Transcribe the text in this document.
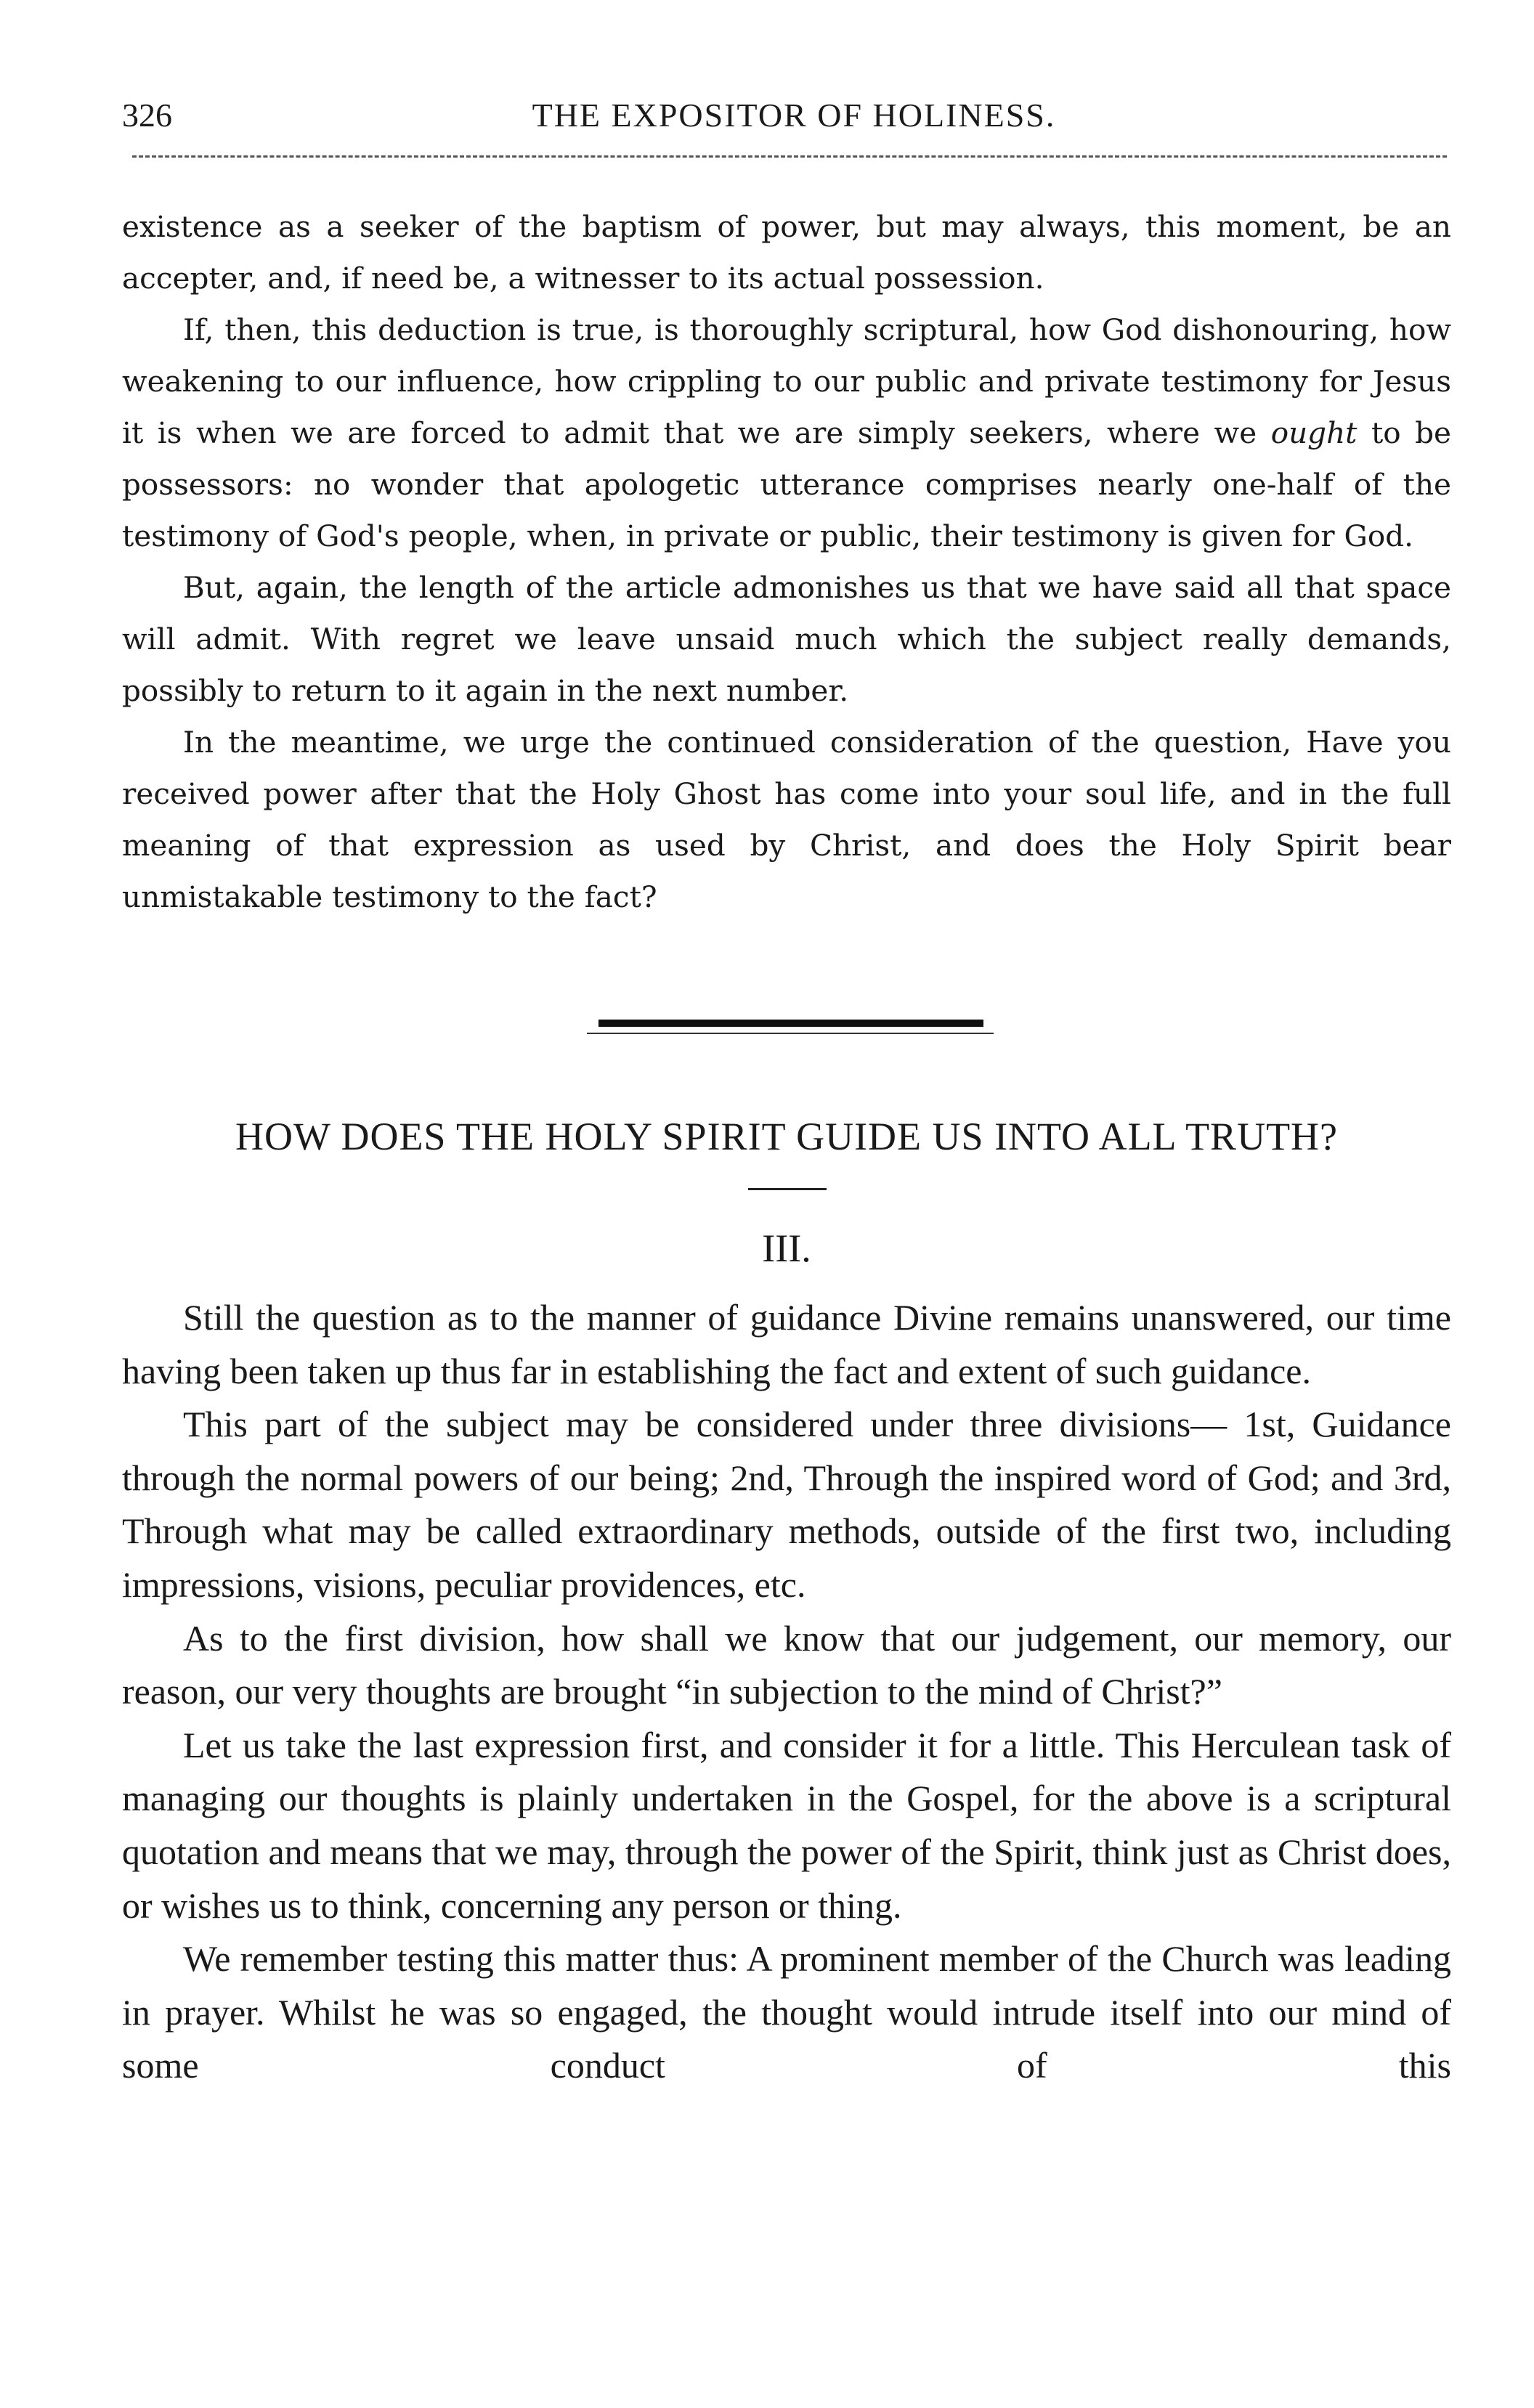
326	THE EXPOSITOR OF HOLINESS.

existence as a seeker of the baptism of power, but may always, this moment, be an accepter, and, if need be, a witnesser to its actual possession.

If, then, this deduction is true, is thoroughly scriptural, how God dishonouring, how weakening to our influence, how crippling to our public and private testimony for Jesus it is when we are forced to admit that we are simply seekers, where we ought to be possessors: no wonder that apologetic utterance comprises nearly one-half of the testimony of God's people, when, in private or public, their testimony is given for God.

But, again, the length of the article admonishes us that we have said all that space will admit. With regret we leave unsaid much which the subject really demands, possibly to return to it again in the next number.

In the meantime, we urge the continued consideration of the question, Have you received power after that the Holy Ghost has come into your soul life, and in the full meaning of that expression as used by Christ, and does the Holy Spirit bear unmistakable testimony to the fact?

HOW DOES THE HOLY SPIRIT GUIDE US INTO ALL TRUTH?
III.

Still the question as to the manner of guidance Divine remains unanswered, our time having been taken up thus far in establishing the fact and extent of such guidance.

This part of the subject may be considered under three divisions— 1st, Guidance through the normal powers of our being; 2nd, Through the inspired word of God; and 3rd, Through what may be called extraordinary methods, outside of the first two, including impressions, visions, peculiar providences, etc.

As to the first division, how shall we know that our judgement, our memory, our reason, our very thoughts are brought “in subjection to the mind of Christ?”

Let us take the last expression first, and consider it for a little. This Herculean task of managing our thoughts is plainly undertaken in the Gospel, for the above is a scriptural quotation and means that we may, through the power of the Spirit, think just as Christ does, or wishes us to think, concerning any person or thing.

We remember testing this matter thus: A prominent member of the Church was leading in prayer. Whilst he was so engaged, the thought would intrude itself into our mind of some conduct of this
